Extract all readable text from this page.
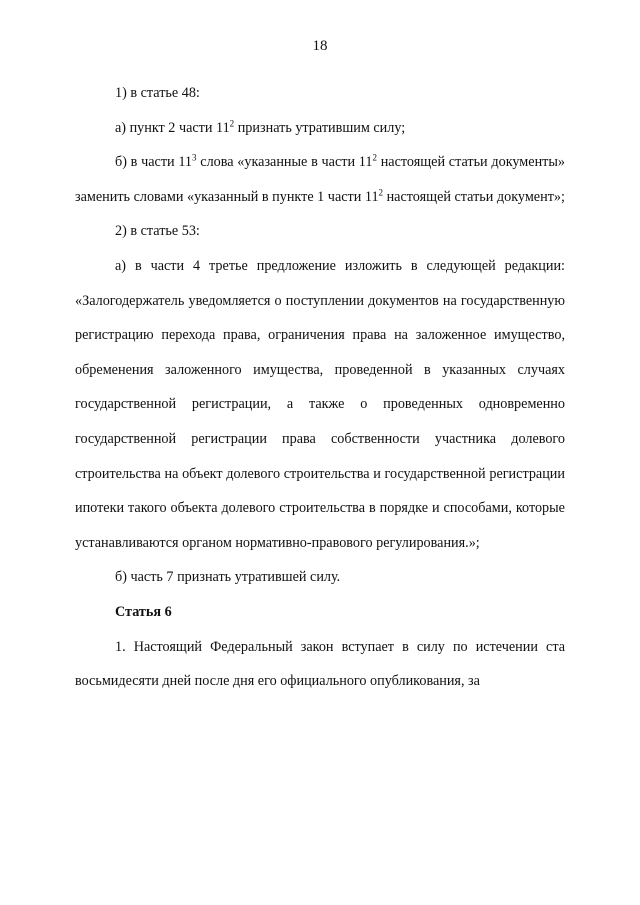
18

1) в статье 48:

а) пункт 2 части $11^2$ признать утратившим силу;

б) в части $11^3$ слова «указанные в части $11^2$ настоящей статьи документы» заменить словами «указанный в пункте 1 части $11^2$ настоящей статьи документ»;

2) в статье 53:

а) в части 4 третье предложение изложить в следующей редакции: «Залогодержатель уведомляется о поступлении документов на государственную регистрацию перехода права, ограничения права на заложенное имущество, обременения заложенного имущества, проведенной в указанных случаях государственной регистрации, а также о проведенных одновременно государственной регистрации права собственности участника долевого строительства на объект долевого строительства и государственной регистрации ипотеки такого объекта долевого строительства в порядке и способами, которые устанавливаются органом нормативно-правового регулирования.»;

б) часть 7 признать утратившей силу.

Статья 6

1. Настоящий Федеральный закон вступает в силу по истечении ста восьмидесяти дней после дня его официального опубликования, за
